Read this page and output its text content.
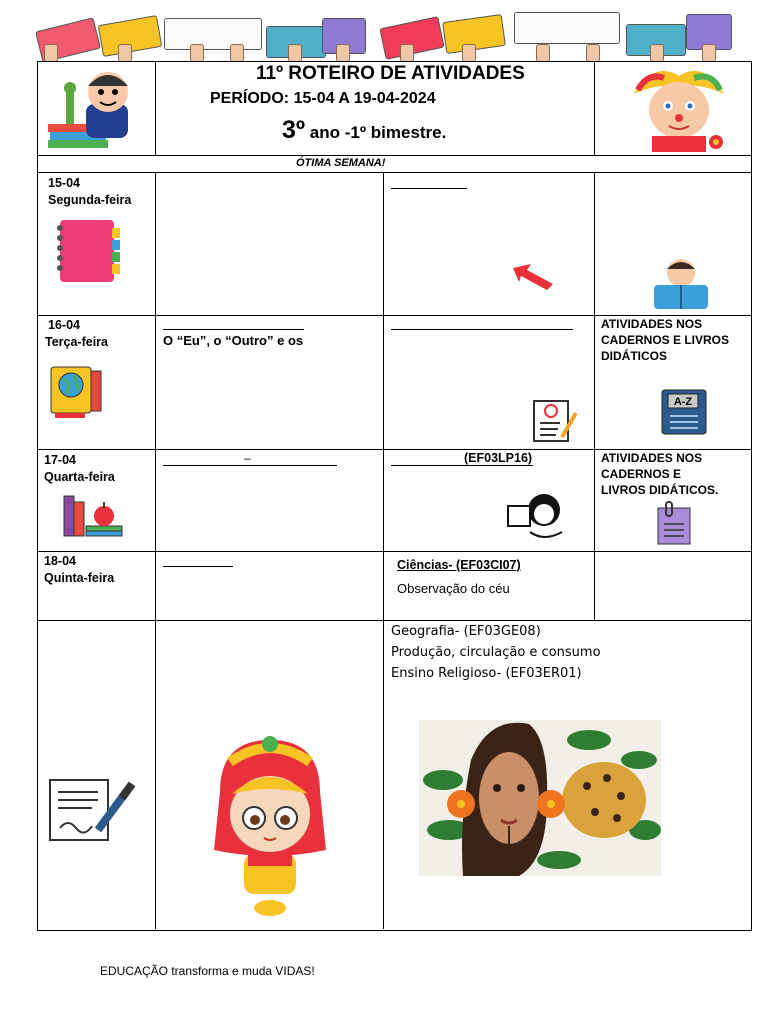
11º ROTEIRO DE ATIVIDADES
PERÍODO: 15-04 A 19-04-2024
3º ano -1º bimestre.
ÓTIMA SEMANA!
15-04
Segunda-feira
16-04
Terça-feira
17-04
Quarta-feira
18-04
Quinta-feira
O “Eu”, o “Outro” e os
ATIVIDADES NOS
CADERNOS E LIVROS
DIDÁTICOS
A-Z
–	(EF03LP16)	ATIVIDADES NOS
CADERNOS E
LIVROS DIDÁTICOS.
Ciências- (EF03CI07)
Observação do céu
Geografia- (EF03GE08)
Produção, circulação e consumo
Ensino Religioso- (EF03ER01)
EDUCAÇÃO transforma e muda VIDAS!
